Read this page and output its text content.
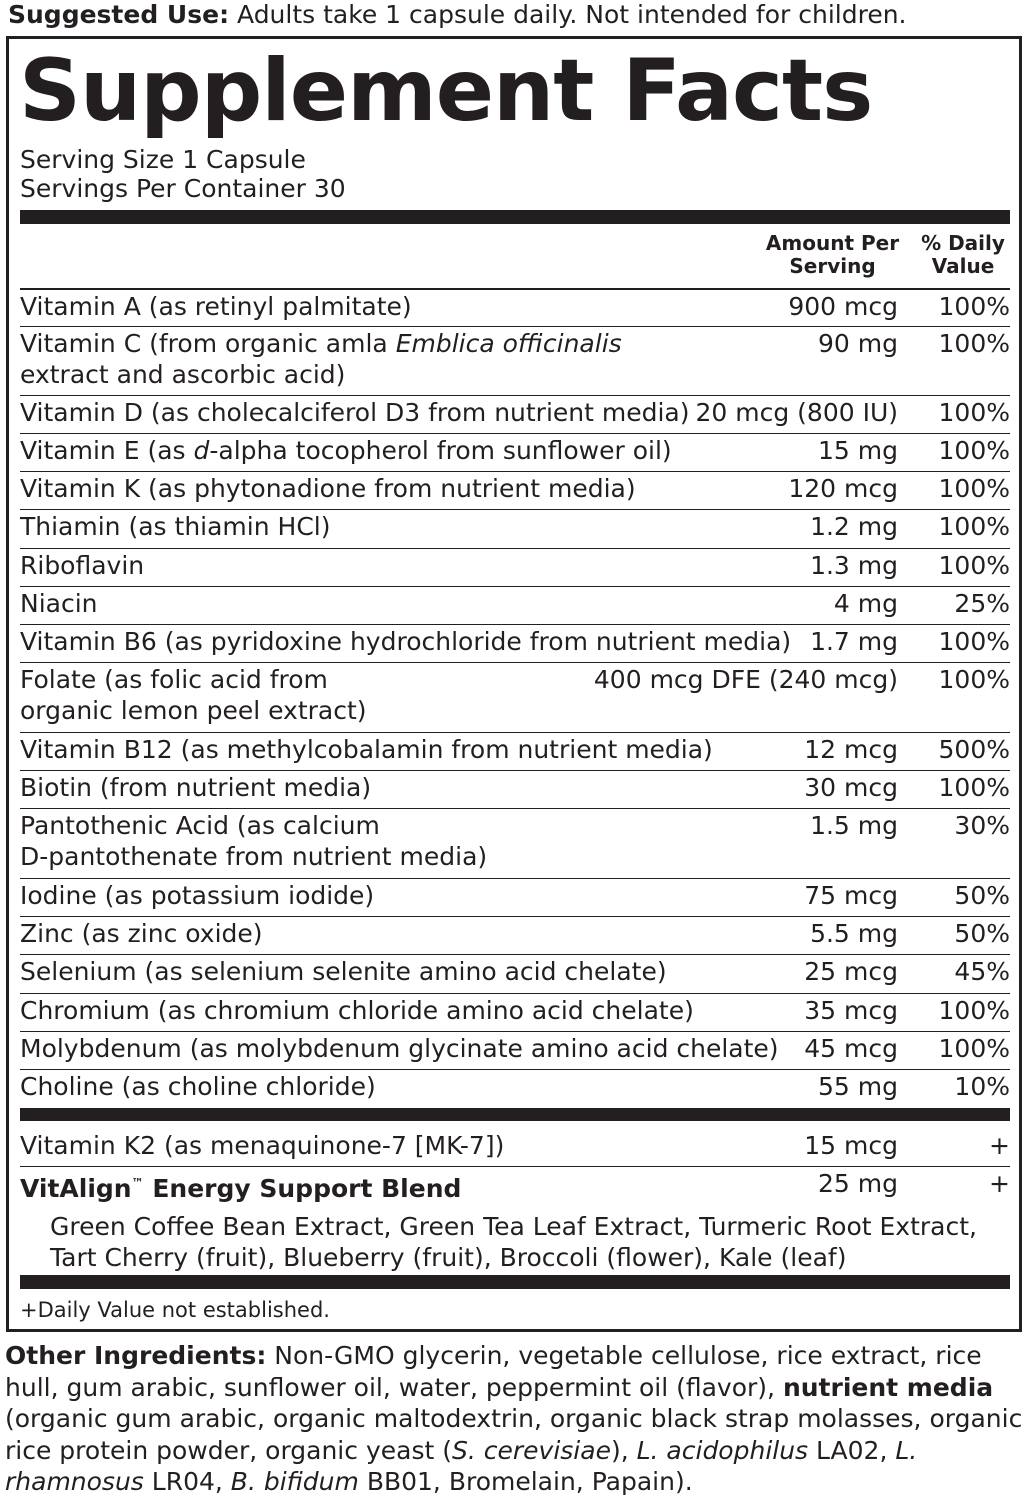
Suggested Use: Adults take 1 capsule daily. Not intended for children.
Supplement Facts
Serving Size 1 Capsule
Servings Per Container 30
Amount Per
Serving
% Daily
Value
Vitamin A (as retinyl palmitate)	900 mcg 100%
Vitamin C (from organic amla Emblica officinalis
extract and ascorbic acid)
90 mg 100%
Vitamin D (as cholecalciferol D3 from nutrient media) 20 mcg (800 IU) 100%
Vitamin E (as d-alpha tocopherol from sunflower oil)	15 mg 100%
Vitamin K (as phytonadione from nutrient media)	120 mcg 100%
Thiamin (as thiamin HCl)	1.2 mg 100%
Riboflavin	1.3 mg 100%
Niacin	4 mg 25%
Vitamin B6 (as pyridoxine hydrochloride from nutrient media) 1.7 mg 100%
Folate (as folic acid from
organic lemon peel extract)
400 mcg DFE (240 mcg) 100%
Vitamin B12 (as methylcobalamin from nutrient media)	12 mcg 500%
Biotin (from nutrient media)	30 mcg 100%
Pantothenic Acid (as calcium
D-pantothenate from nutrient media)
1.5 mg 30%
Iodine (as potassium iodide)	75 mcg 50%
Zinc (as zinc oxide)	5.5 mg 50%
Selenium (as selenium selenite amino acid chelate)	25 mcg 45%
Chromium (as chromium chloride amino acid chelate)	35 mcg 100%
Molybdenum (as molybdenum glycinate amino acid chelate) 45 mcg 100%
Choline (as choline chloride)	55 mg 10%
Vitamin K2 (as menaquinone-7 [MK-7])	15 mcg	+
VitAlign™ Energy Support Blend	25 mg	+
Green Coffee Bean Extract, Green Tea Leaf Extract, Turmeric Root Extract, Tart Cherry (fruit), Blueberry (fruit), Broccoli (flower), Kale (leaf)
+Daily Value not established.
Other Ingredients: Non-GMO glycerin, vegetable cellulose, rice extract, rice hull, gum arabic, sunflower oil, water, peppermint oil (flavor), nutrient media (organic gum arabic, organic maltodextrin, organic black strap molasses, organic rice protein powder, organic yeast (S. cerevisiae), L. acidophilus LA02, L. rhamnosus LR04, B. bifidum BB01, Bromelain, Papain).
